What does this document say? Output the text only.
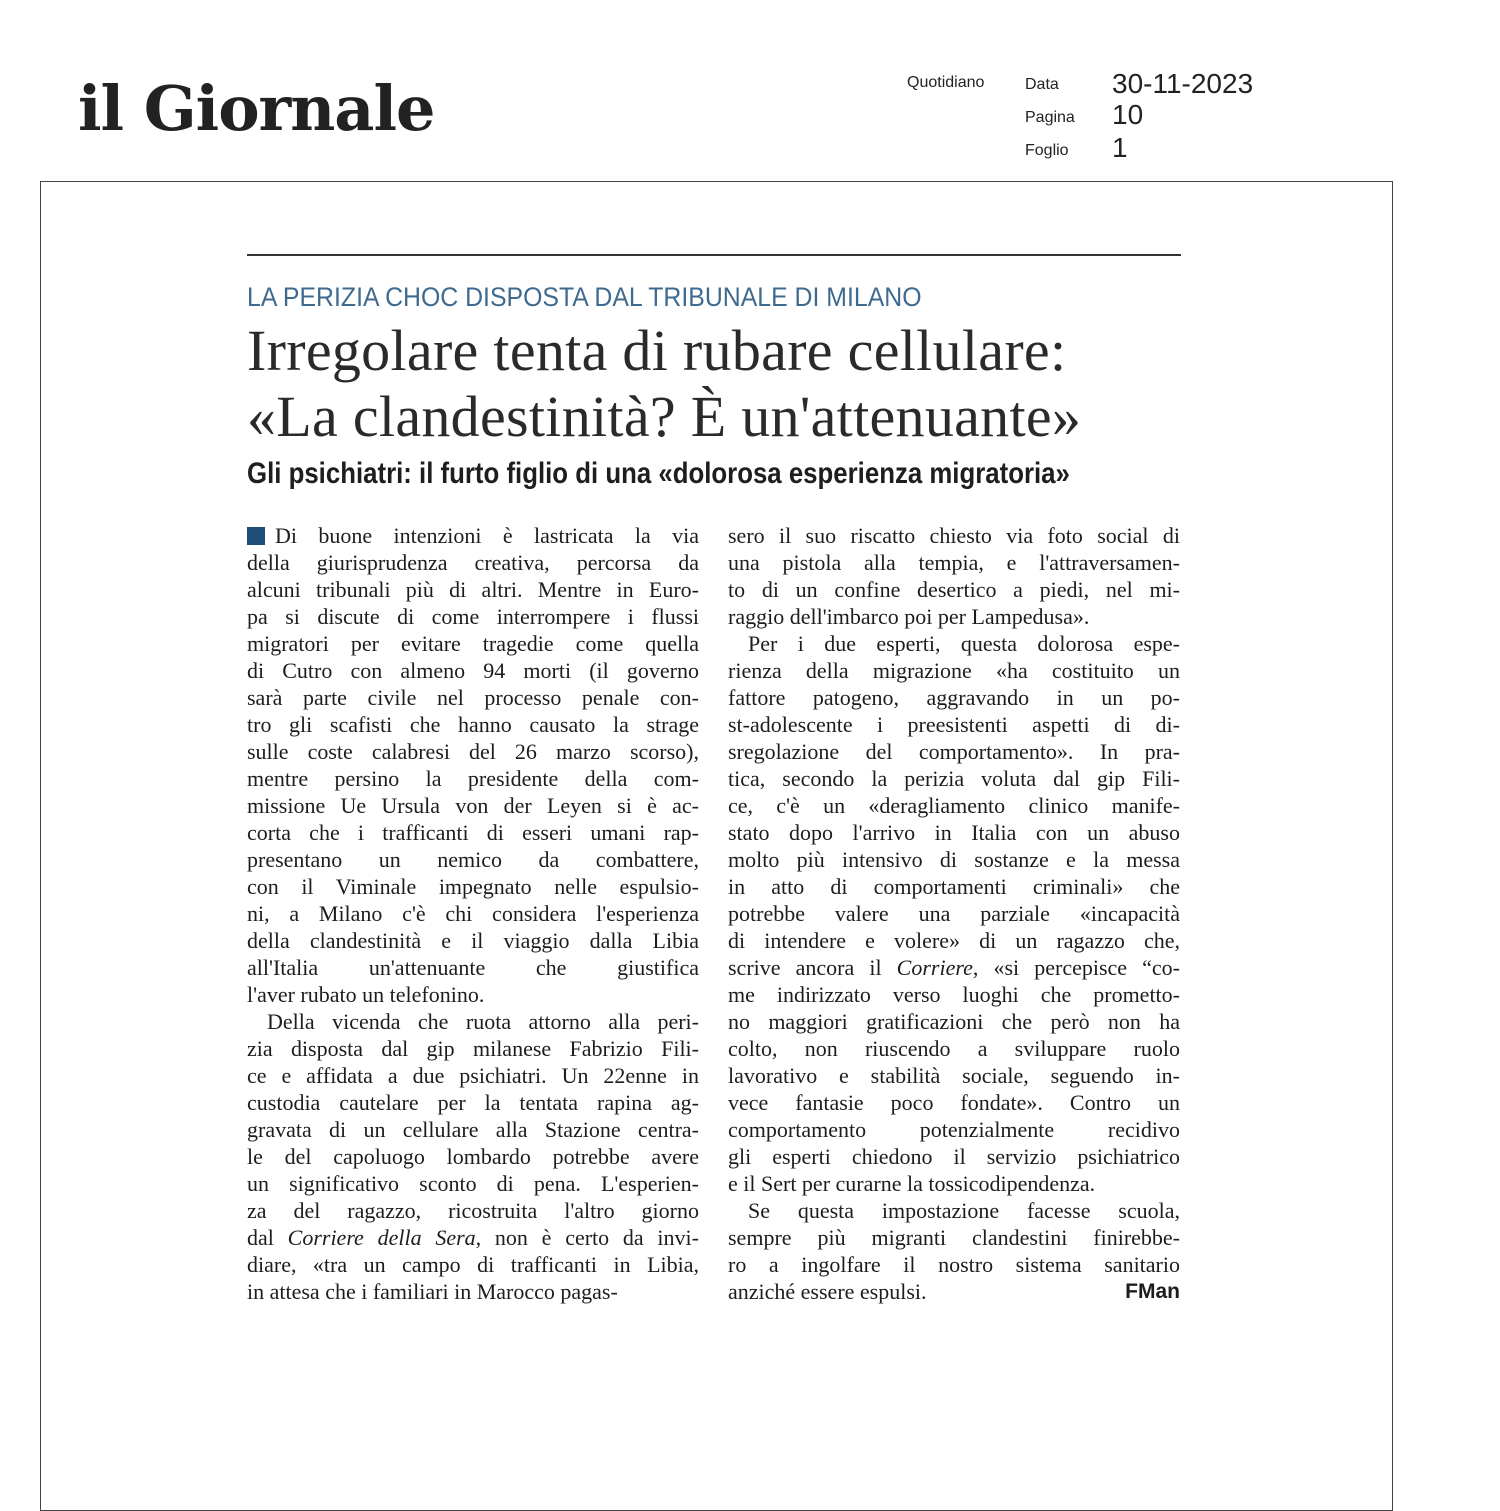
il Giornale	Quotidiano	Data 30-11-2023
Pagina 10
Foglio 1
LA PERIZIA CHOC DISPOSTA DAL TRIBUNALE DI MILANO
Irregolare tenta di rubare cellulare:
«La clandestinità? È un'attenuante»
Gli psichiatri: il furto figlio di una «dolorosa esperienza migratoria»
Di buone intenzioni è lastricata la via
della giurisprudenza creativa, percorsa da
alcuni tribunali più di altri. Mentre in Euro-
pa si discute di come interrompere i flussi
migratori per evitare tragedie come quella
di Cutro con almeno 94 morti (il governo
sarà parte civile nel processo penale con-
tro gli scafisti che hanno causato la strage
sulle coste calabresi del 26 marzo scorso),
mentre persino la presidente della com-
missione Ue Ursula von der Leyen si è ac-
corta che i trafficanti di esseri umani rap-
presentano un nemico da combattere,
con il Viminale impegnato nelle espulsio-
ni, a Milano c'è chi considera l'esperienza
della clandestinità e il viaggio dalla Libia
all'Italia un'attenuante che giustifica
l'aver rubato un telefonino.
Della vicenda che ruota attorno alla peri-
zia disposta dal gip milanese Fabrizio Fili-
ce e affidata a due psichiatri. Un 22enne in
custodia cautelare per la tentata rapina ag-
gravata di un cellulare alla Stazione centra-
le del capoluogo lombardo potrebbe avere
un significativo sconto di pena. L'esperien-
za del ragazzo, ricostruita l'altro giorno
dal Corriere della Sera, non è certo da invi-
diare, «tra un campo di trafficanti in Libia,
in attesa che i familiari in Marocco pagas-
sero il suo riscatto chiesto via foto social di
una pistola alla tempia, e l'attraversamen-
to di un confine desertico a piedi, nel mi-
raggio dell'imbarco poi per Lampedusa».
Per i due esperti, questa dolorosa espe-
rienza della migrazione «ha costituito un
fattore patogeno, aggravando in un po-
st-adolescente i preesistenti aspetti di di-
sregolazione del comportamento». In pra-
tica, secondo la perizia voluta dal gip Fili-
ce, c'è un «deragliamento clinico manife-
stato dopo l'arrivo in Italia con un abuso
molto più intensivo di sostanze e la messa
in atto di comportamenti criminali» che
potrebbe valere una parziale «incapacità
di intendere e volere» di un ragazzo che,
scrive ancora il Corriere, «si percepisce “co-
me indirizzato verso luoghi che prometto-
no maggiori gratificazioni che però non ha
colto, non riuscendo a sviluppare ruolo
lavorativo e stabilità sociale, seguendo in-
vece fantasie poco fondate». Contro un
comportamento potenzialmente recidivo
gli esperti chiedono il servizio psichiatrico
e il Sert per curarne la tossicodipendenza.
Se questa impostazione facesse scuola,
sempre più migranti clandestini finirebbe-
ro a ingolfare il nostro sistema sanitario
anziché essere espulsi.	FMan
